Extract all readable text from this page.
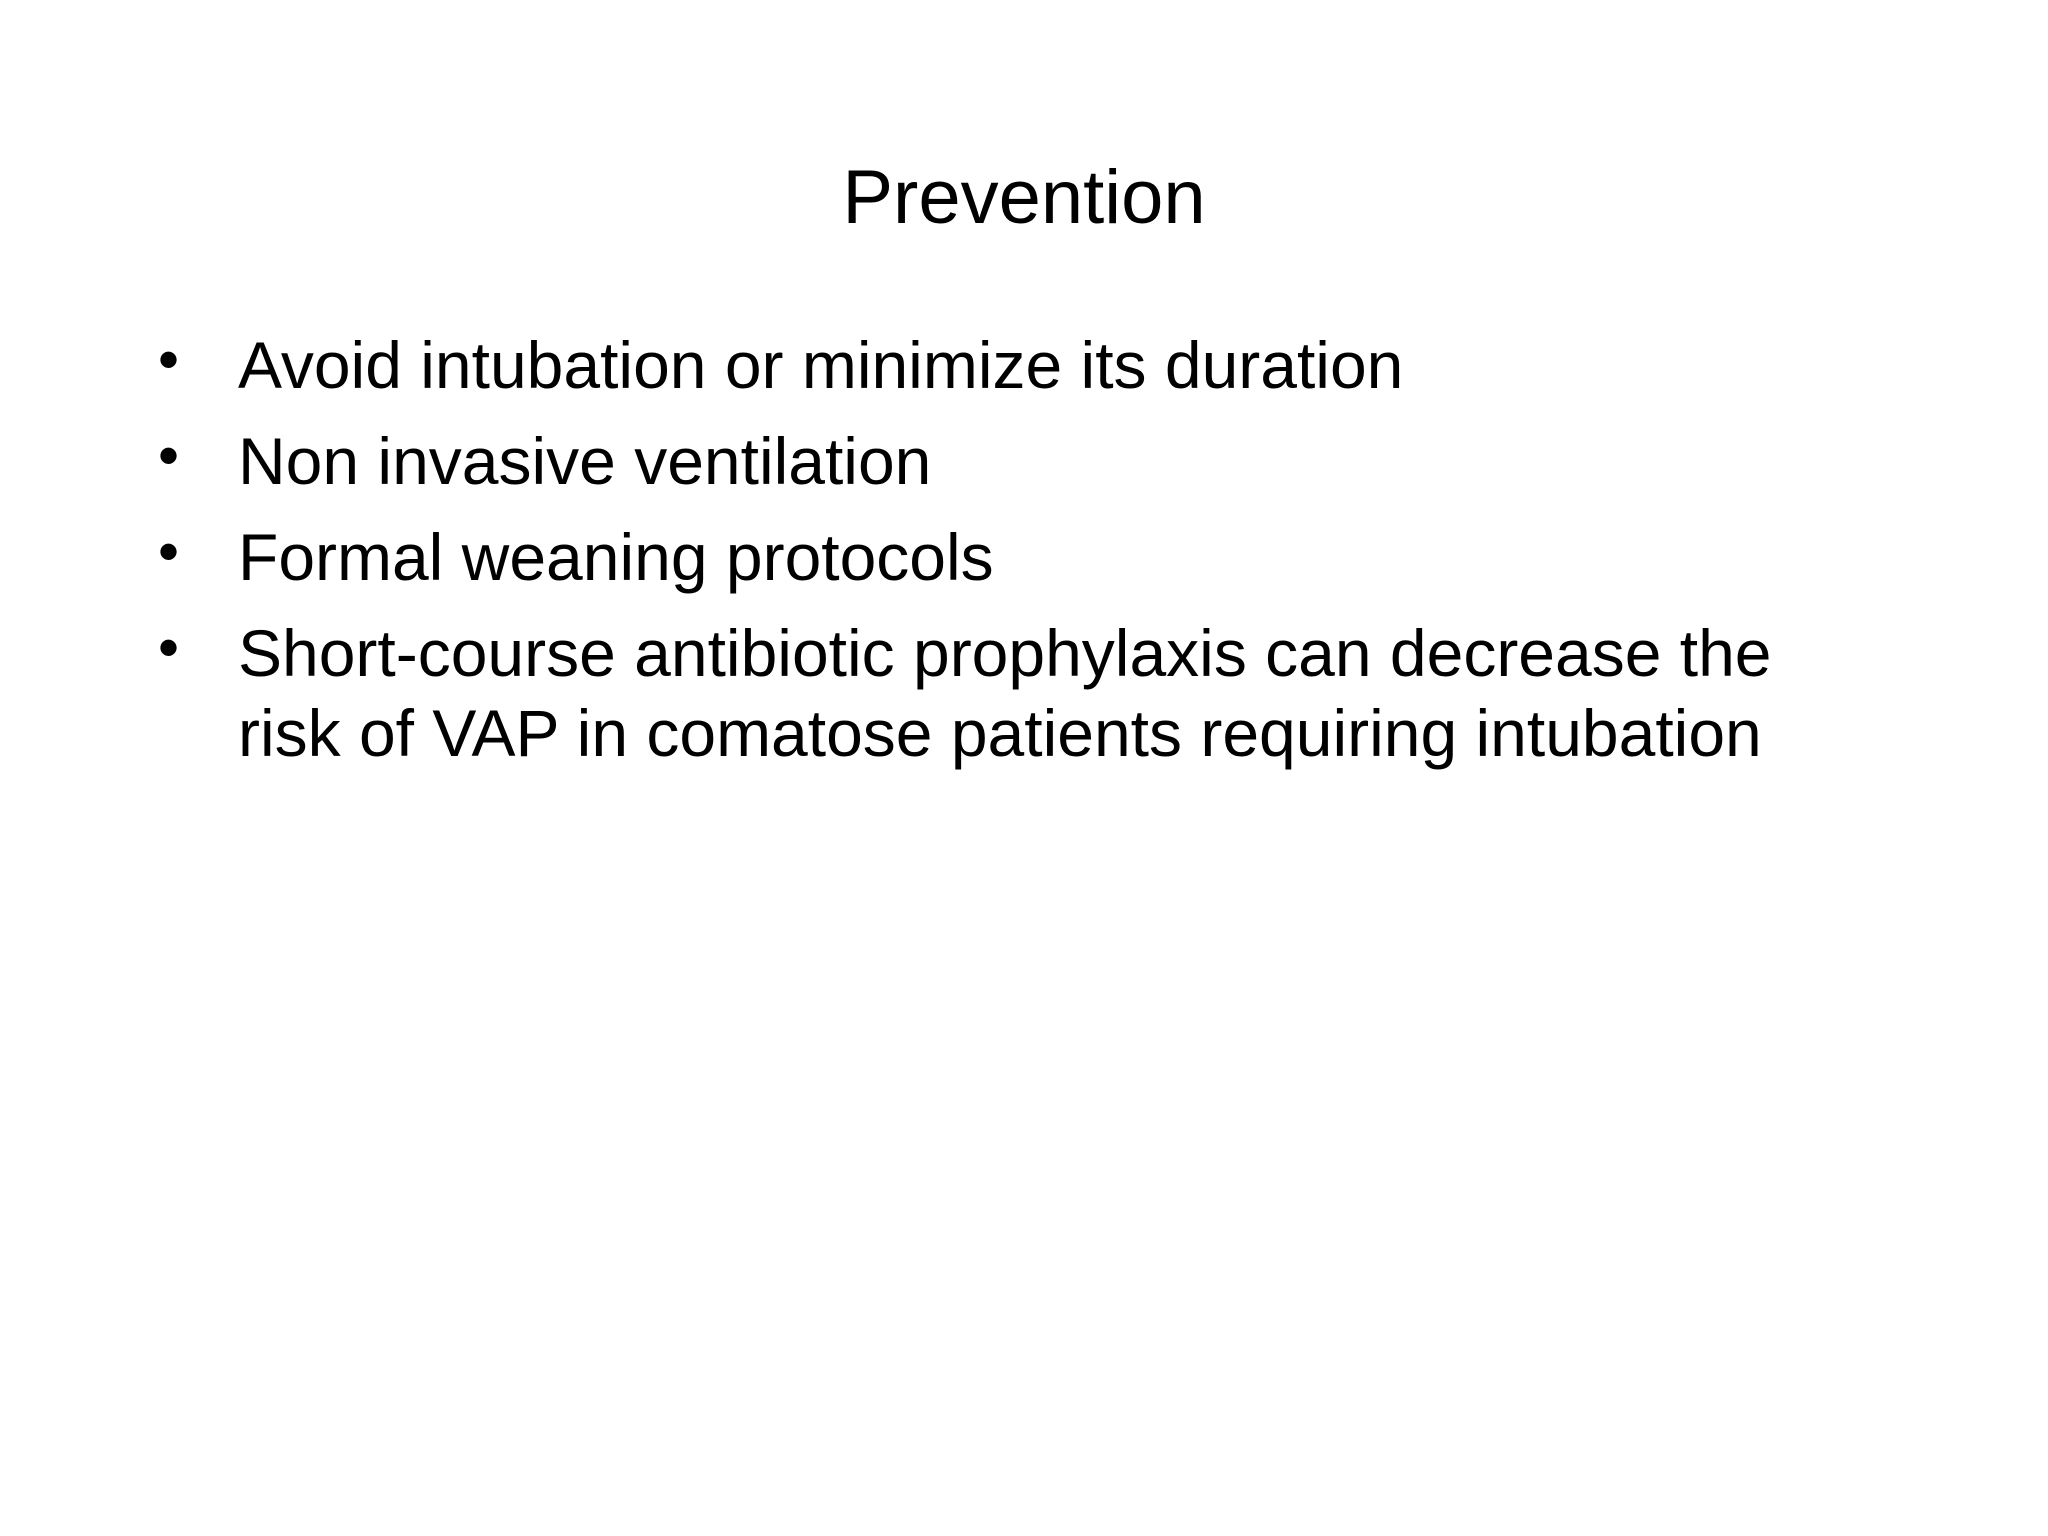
Prevention
• Avoid intubation or minimize its duration
• Non invasive ventilation
• Formal weaning protocols
• Short-course antibiotic prophylaxis can decrease the risk of VAP in comatose patients requiring intubation
